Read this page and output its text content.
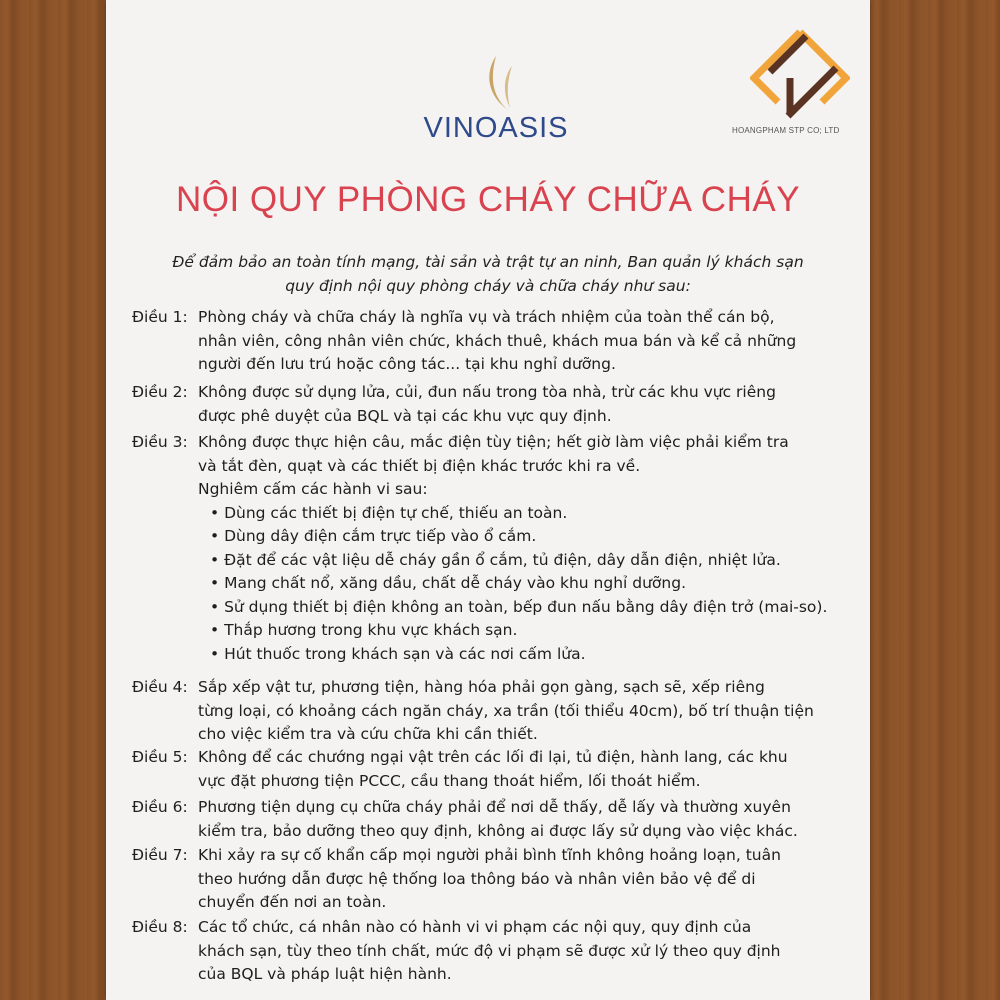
VINOASIS	HOANGPHAM STP CO; LTD
NỘI QUY PHÒNG CHÁY CHỮA CHÁY
Để đảm bảo an toàn tính mạng, tài sản và trật tự an ninh, Ban quản lý khách sạn
quy định nội quy phòng cháy và chữa cháy như sau:
Điều 1: Phòng cháy và chữa cháy là nghĩa vụ và trách nhiệm của toàn thể cán bộ,
nhân viên, công nhân viên chức, khách thuê, khách mua bán và kể cả những
người đến lưu trú hoặc công tác... tại khu nghỉ dưỡng.
Điều 2: Không được sử dụng lửa, củi, đun nấu trong tòa nhà, trừ các khu vực riêng
được phê duyệt của BQL và tại các khu vực quy định.
Điều 3: Không được thực hiện câu, mắc điện tùy tiện; hết giờ làm việc phải kiểm tra
và tắt đèn, quạt và các thiết bị điện khác trước khi ra về.
Nghiêm cấm các hành vi sau:
• Dùng các thiết bị điện tự chế, thiếu an toàn.
• Dùng dây điện cắm trực tiếp vào ổ cắm.
• Đặt để các vật liệu dễ cháy gần ổ cắm, tủ điện, dây dẫn điện, nhiệt lửa.
• Mang chất nổ, xăng dầu, chất dễ cháy vào khu nghỉ dưỡng.
• Sử dụng thiết bị điện không an toàn, bếp đun nấu bằng dây điện trở (mai-so).
• Thắp hương trong khu vực khách sạn.
• Hút thuốc trong khách sạn và các nơi cấm lửa.
Điều 4: Sắp xếp vật tư, phương tiện, hàng hóa phải gọn gàng, sạch sẽ, xếp riêng
từng loại, có khoảng cách ngăn cháy, xa trần (tối thiểu 40cm), bố trí thuận tiện
cho việc kiểm tra và cứu chữa khi cần thiết.
Điều 5: Không để các chướng ngại vật trên các lối đi lại, tủ điện, hành lang, các khu
vực đặt phương tiện PCCC, cầu thang thoát hiểm, lối thoát hiểm.
Điều 6: Phương tiện dụng cụ chữa cháy phải để nơi dễ thấy, dễ lấy và thường xuyên
kiểm tra, bảo dưỡng theo quy định, không ai được lấy sử dụng vào việc khác.
Điều 7: Khi xảy ra sự cố khẩn cấp mọi người phải bình tĩnh không hoảng loạn, tuân
theo hướng dẫn được hệ thống loa thông báo và nhân viên bảo vệ để di
chuyển đến nơi an toàn.
Điều 8: Các tổ chức, cá nhân nào có hành vi vi phạm các nội quy, quy định của
khách sạn, tùy theo tính chất, mức độ vi phạm sẽ được xử lý theo quy định
của BQL và pháp luật hiện hành.
